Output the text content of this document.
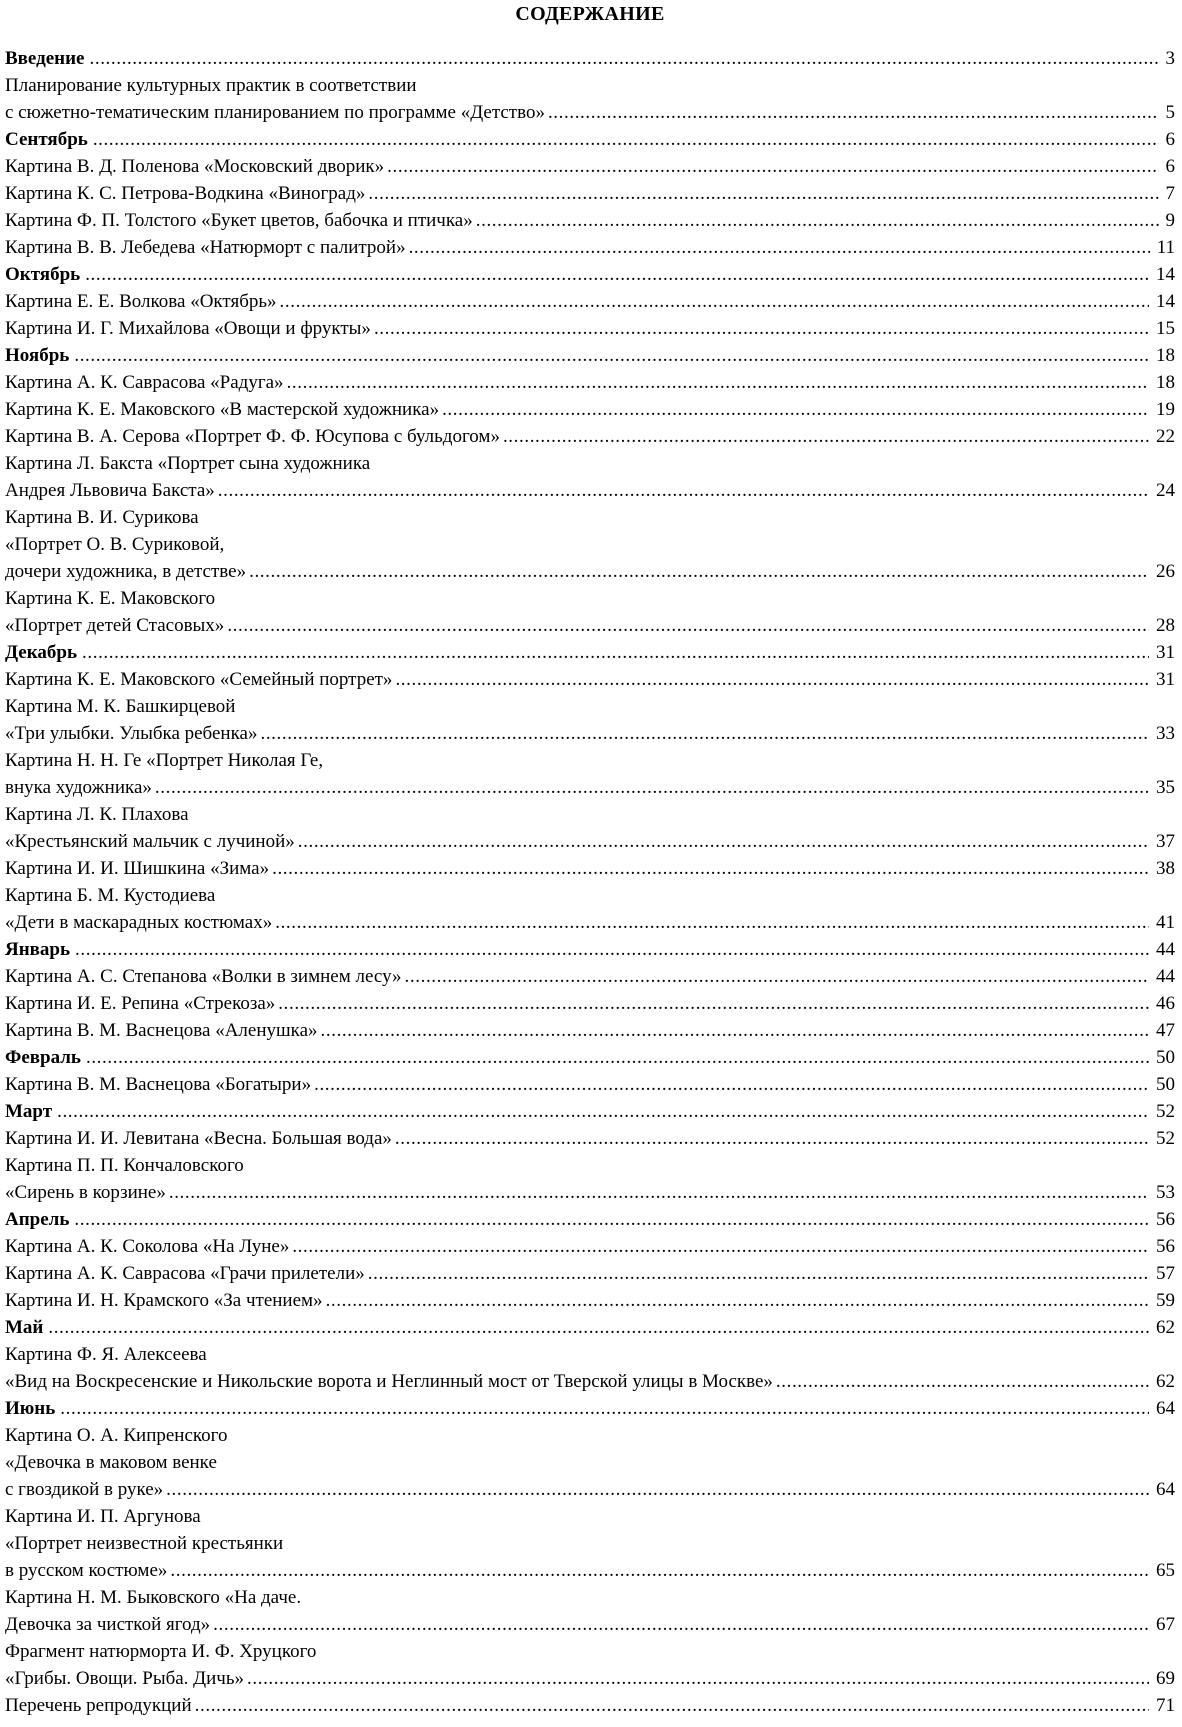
СОДЕРЖАНИЕ
Введение .....	3
Планирование культурных практик в соответствии
с сюжетно-тематическим планированием по программе «Детство» .....	5
Сентябрь .....	6
Картина В. Д. Поленова «Московский дворик» .....	6
Картина К. С. Петрова-Водкина «Виноград» .....	7
Картина Ф. П. Толстого «Букет цветов, бабочка и птичка» .....	9
Картина В. В. Лебедева «Натюрморт с палитрой» .....	11
Октябрь .....	14
Картина Е. Е. Волкова «Октябрь» .....	14
Картина И. Г. Михайлова «Овощи и фрукты» .....	15
Ноябрь .....	18
Картина А. К. Саврасова «Радуга» .....	18
Картина К. Е. Маковского «В мастерской художника» .....	19
Картина В. А. Серова «Портрет Ф. Ф. Юсупова с бульдогом» .....	22
Картина Л. Бакста «Портрет сына художника
Андрея Львовича Бакста» .....	24
Картина В. И. Сурикова
«Портрет О. В. Суриковой,
дочери художника, в детстве» .....	26
Картина К. Е. Маковского
«Портрет детей Стасовых» .....	28
Декабрь .....	31
Картина К. Е. Маковского «Семейный портрет» .....	31
Картина М. К. Башкирцевой
«Три улыбки. Улыбка ребенка» .....	33
Картина Н. Н. Ге «Портрет Николая Ге,
внука художника» .....	35
Картина Л. К. Плахова
«Крестьянский мальчик с лучиной» .....	37
Картина И. И. Шишкина «Зима» .....	38
Картина Б. М. Кустодиева
«Дети в маскарадных костюмах» .....	41
Январь .....	44
Картина А. С. Степанова «Волки в зимнем лесу» .....	44
Картина И. Е. Репина «Стрекоза» .....	46
Картина В. М. Васнецова «Аленушка» .....	47
Февраль .....	50
Картина В. М. Васнецова «Богатыри» .....	50
Март .....	52
Картина И. И. Левитана «Весна. Большая вода» .....	52
Картина П. П. Кончаловского
«Сирень в корзине» .....	53
Апрель .....	56
Картина А. К. Соколова «На Луне» .....	56
Картина А. К. Саврасова «Грачи прилетели» .....	57
Картина И. Н. Крамского «За чтением» .....	59
Май .....	62
Картина Ф. Я. Алексеева
«Вид на Воскресенские и Никольские ворота и Неглинный мост от Тверской улицы в Москве» .....	62
Июнь .....	64
Картина О. А. Кипренского
«Девочка в маковом венке
с гвоздикой в руке» .....	64
Картина И. П. Аргунова
«Портрет неизвестной крестьянки
в русском костюме» .....	65
Картина Н. М. Быковского «На даче.
Девочка за чисткой ягод» .....	67
Фрагмент натюрморта И. Ф. Хруцкого
«Грибы. Овощи. Рыба. Дичь» .....	69
Перечень репродукций .....	71
